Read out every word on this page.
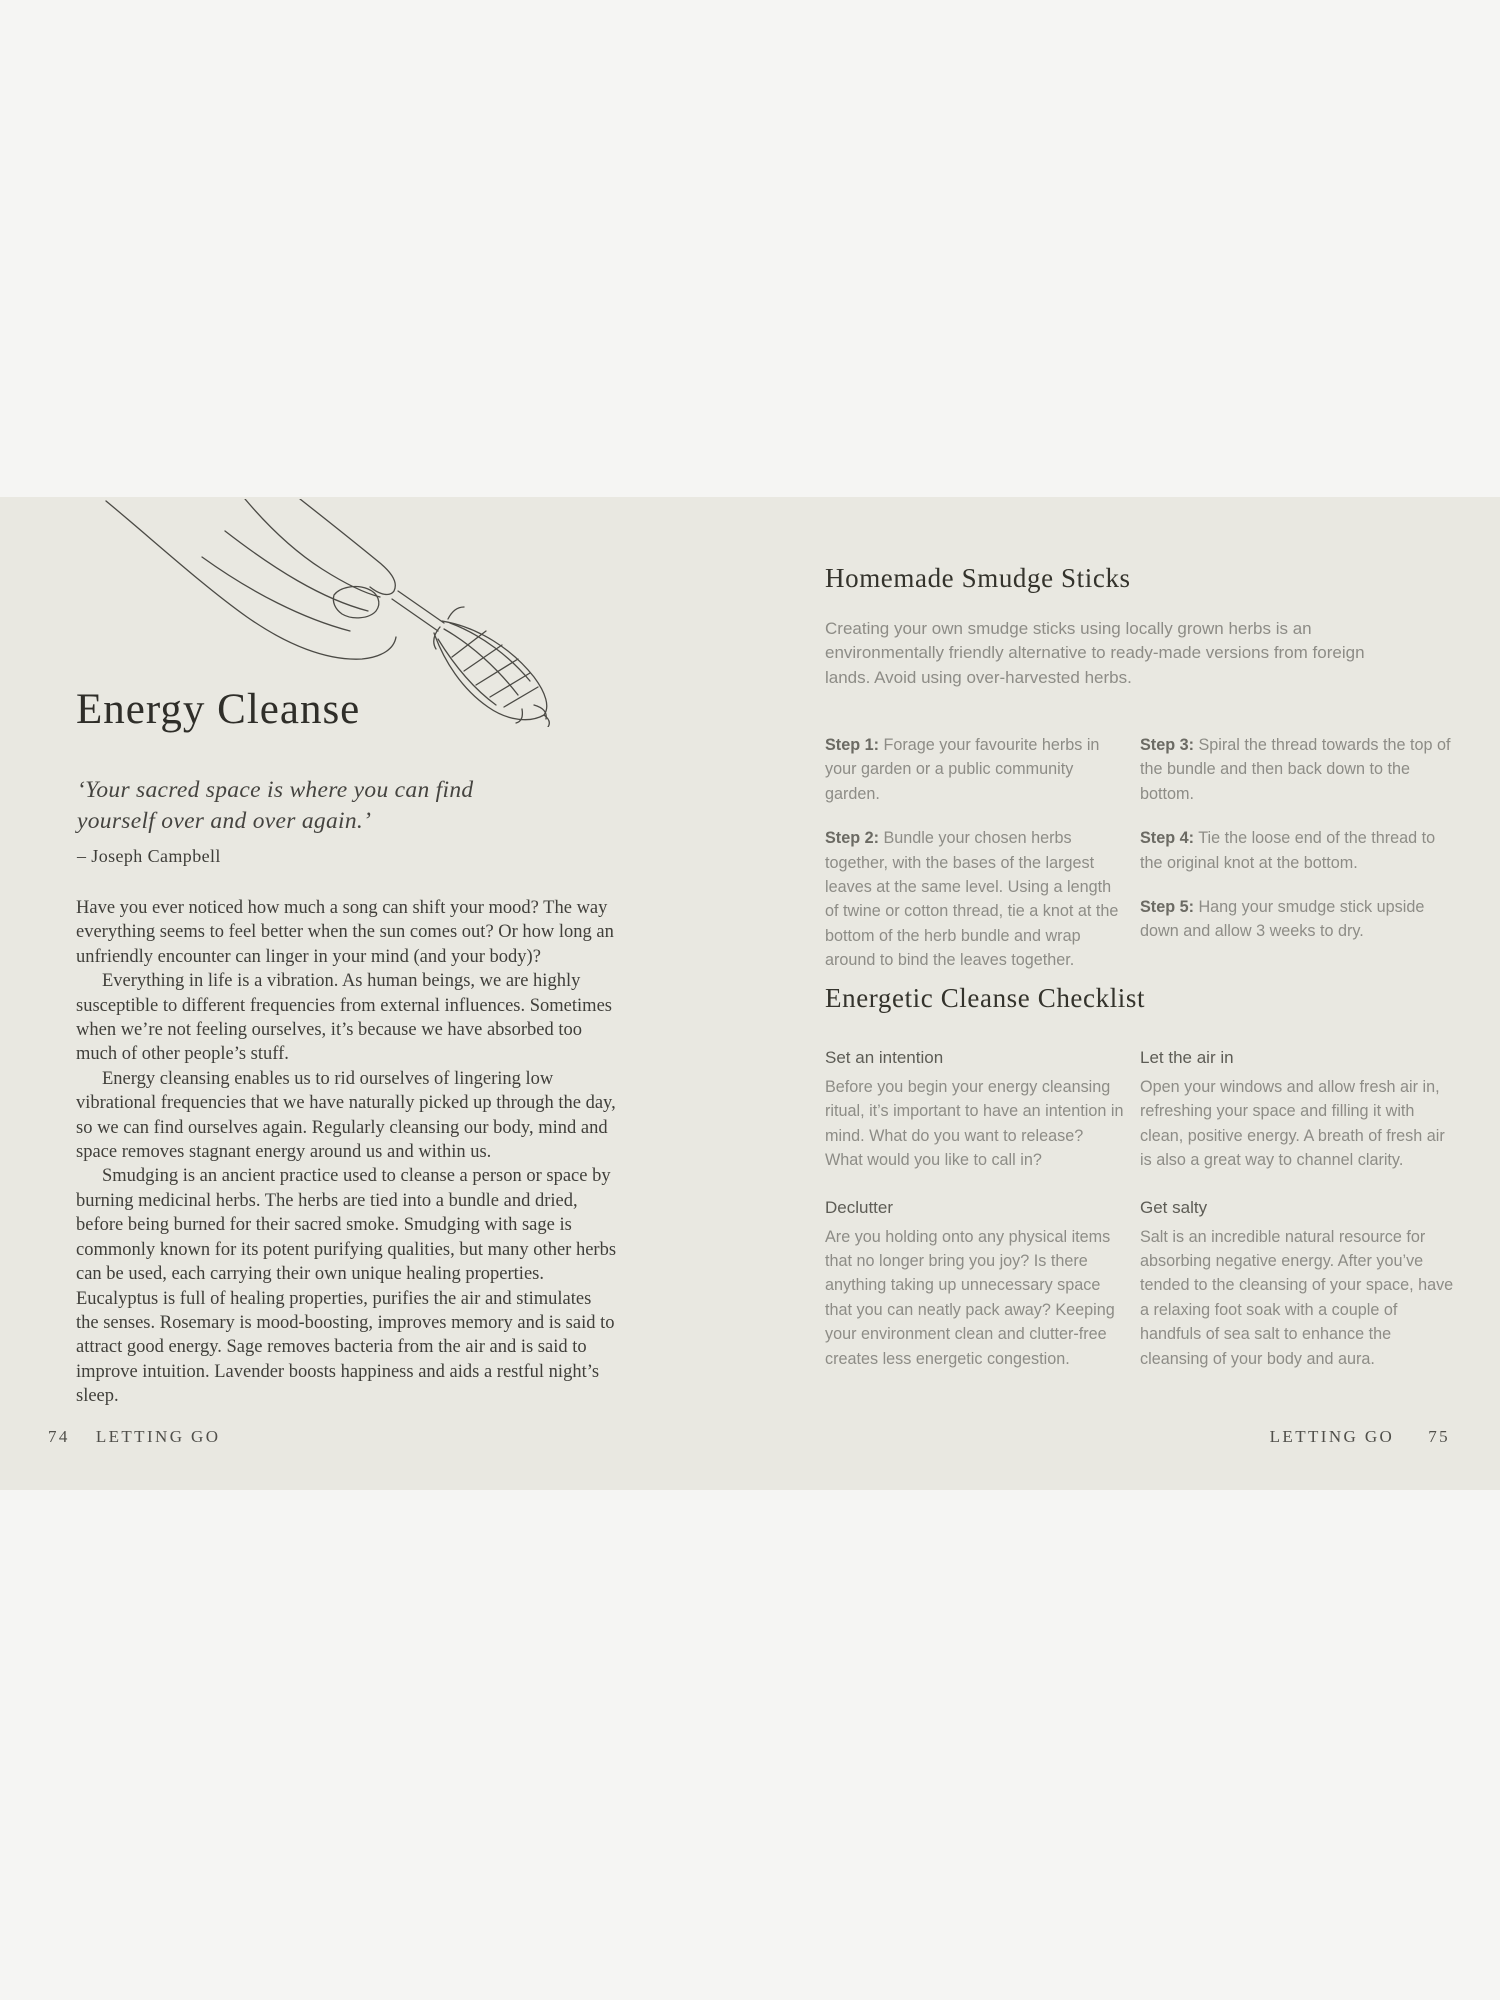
Energy Cleanse

‘Your sacred space is where you can find

yourself over and over again.’

– Joseph Campbell

Have you ever noticed how much a song can shift your mood? The way everything seems to feel better when the sun comes out? Or how long an unfriendly encounter can linger in your mind (and your body)?

Everything in life is a vibration. As human beings, we are highly susceptible to different frequencies from external influences. Sometimes when we’re not feeling ourselves, it’s because we have absorbed too much of other people’s stuff.

Energy cleansing enables us to rid ourselves of lingering low vibrational frequencies that we have naturally picked up through the day, so we can find ourselves again. Regularly cleansing our body, mind and space removes stagnant energy around us and within us.

Smudging is an ancient practice used to cleanse a person or space by burning medicinal herbs. The herbs are tied into a bundle and dried, before being burned for their sacred smoke. Smudging with sage is commonly known for its potent purifying qualities, but many other herbs can be used, each carrying their own unique healing properties. Eucalyptus is full of healing properties, purifies the air and stimulates the senses. Rosemary is mood-boosting, improves memory and is said to attract good energy. Sage removes bacteria from the air and is said to improve intuition. Lavender boosts happiness and aids a restful night’s sleep.

74 LETTING GO
Homemade Smudge Sticks

Creating your own smudge sticks using locally grown herbs is an environmentally friendly alternative to ready-made versions from foreign lands. Avoid using over-harvested herbs.

Step 1: Forage your favourite herbs in your garden or a public community garden.

Step 2: Bundle your chosen herbs together, with the bases of the largest leaves at the same level. Using a length of twine or cotton thread, tie a knot at the bottom of the herb bundle and wrap around to bind the leaves together.

Step 3: Spiral the thread towards the top of the bundle and then back down to the bottom.

Step 4: Tie the loose end of the thread to the original knot at the bottom.

Step 5: Hang your smudge stick upside down and allow 3 weeks to dry.

Energetic Cleanse Checklist

Set an intention

Before you begin your energy cleansing ritual, it’s important to have an intention in mind. What do you want to release? What would you like to call in?

Declutter

Are you holding onto any physical items that no longer bring you joy? Is there anything taking up unnecessary space that you can neatly pack away? Keeping your environment clean and clutter-free creates less energetic congestion.

Let the air in

Open your windows and allow fresh air in, refreshing your space and filling it with clean, positive energy. A breath of fresh air is also a great way to channel clarity.

Get salty

Salt is an incredible natural resource for absorbing negative energy. After you’ve tended to the cleansing of your space, have a relaxing foot soak with a couple of handfuls of sea salt to enhance the cleansing of your body and aura.

LETTING GO 75
